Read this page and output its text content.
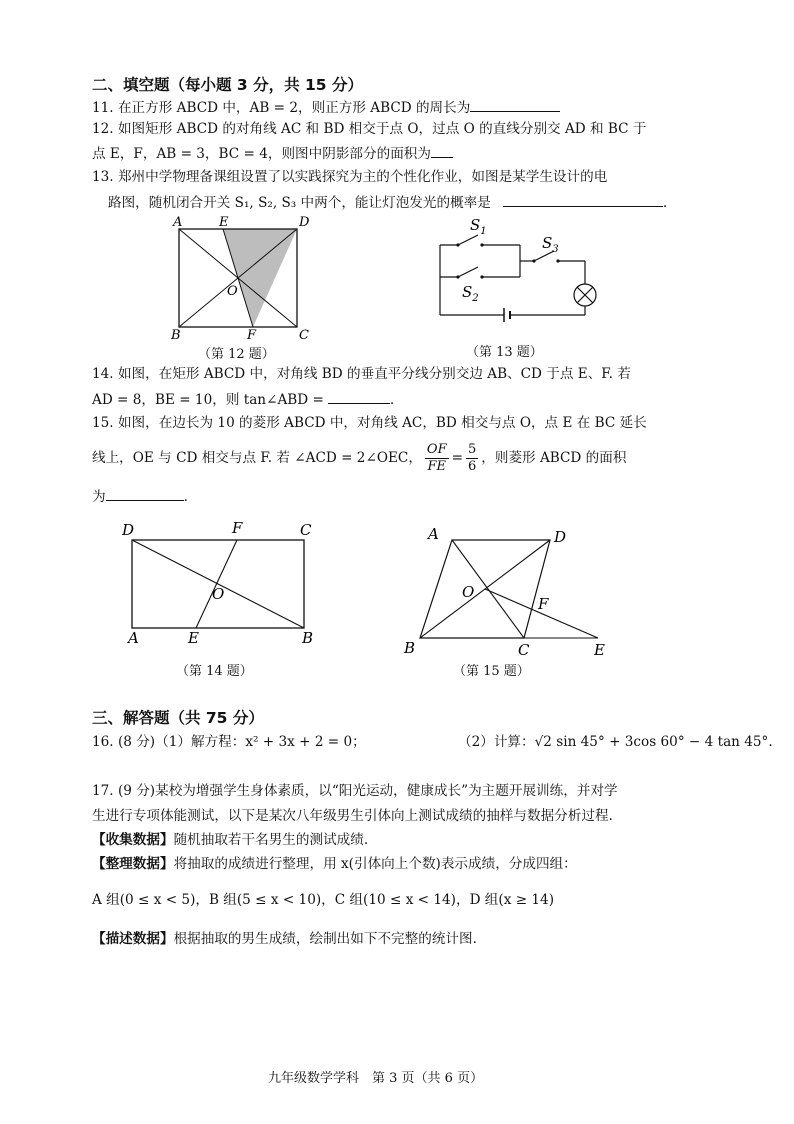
二、填空题（每小题 3 分，共 15 分）
11. 在正方形 ABCD 中，AB = 2，则正方形 ABCD 的周长为
12. 如图矩形 ABCD 的对角线 AC 和 BD 相交于点 O，过点 O 的直线分别交 AD 和 BC 于
点 E，F，AB = 3，BC = 4，则图中阴影部分的面积为
13. 郑州中学物理备课组设置了以实践探究为主的个性化作业，如图是某学生设计的电
路图，随机闭合开关 S₁, S₂, S₃ 中两个，能让灯泡发光的概率是	.
A	E	D
O
B	F	C
（第 12 题）
$S_1$
$S_2$
$S_3$
（第 13 题）
14. 如图，在矩形 ABCD 中，对角线 BD 的垂直平分线分别交边 AB、CD 于点 E、F. 若
AD = 8，BE = 10，则 tan∠ABD =	.
15. 如图，在边长为 10 的菱形 ABCD 中，对角线 AC，BD 相交与点 O，点 E 在 BC 延长
线上，OE 与 CD 相交与点 F. 若 ∠ACD = 2∠OEC， $\frac{OF}{FE} = \frac{5}{6}$ ，则菱形 ABCD 的面积
为	.
D	F	C
O
A	E	B
（第 14 题）
A	D
O
F
B	C	E
（第 15 题）
三、解答题（共 75 分）
16. (8 分)（1）解方程：x² + 3x + 2 = 0；	（2）计算：√2 sin 45° + 3cos 60° − 4 tan 45°.
17. (9 分)某校为增强学生身体素质，以“阳光运动，健康成长”为主题开展训练，并对学
生进行专项体能测试，以下是某次八年级男生引体向上测试成绩的抽样与数据分析过程.
【收集数据】随机抽取若干名男生的测试成绩.
【整理数据】将抽取的成绩进行整理，用 x(引体向上个数)表示成绩，分成四组：
A 组(0 ≤ x < 5)，B 组(5 ≤ x < 10)，C 组(10 ≤ x < 14)，D 组(x ≥ 14)
【描述数据】根据抽取的男生成绩，绘制出如下不完整的统计图.
九年级数学学科　第 3 页（共 6 页）
